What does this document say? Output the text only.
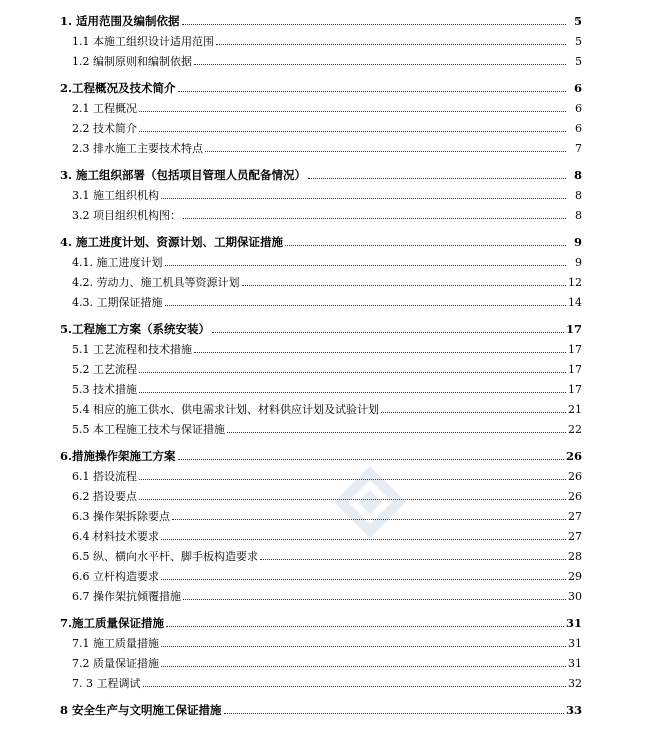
1. 适用范围及编制依据	5
1.1 本施工组织设计适用范围	5
1.2 编制原则和编制依据	5
2.工程概况及技术简介	6
2.1 工程概况	6
2.2 技术简介	6
2.3 排水施工主要技术特点	7
3. 施工组织部署（包括项目管理人员配备情况）	8
3.1 施工组织机构	8
3.2 项目组织机构图：	8
4. 施工进度计划、资源计划、工期保证措施	9
4.1. 施工进度计划	9
4.2. 劳动力、施工机具等资源计划	12
4.3. 工期保证措施	14
5.工程施工方案（系统安装）	17
5.1 工艺流程和技术措施	17
5.2 工艺流程	17
5.3 技术措施	17
5.4 相应的施工供水、供电需求计划、材料供应计划及试验计划	21
5.5 本工程施工技术与保证措施	22
6.措施操作架施工方案	26
6.1 搭设流程	26
6.2 搭设要点	26
6.3 操作架拆除要点	27
6.4 材料技术要求	27
6.5 纵、横向水平杆、脚手板构造要求	28
6.6 立杆构造要求	29
6.7 操作架抗倾覆措施	30
7.施工质量保证措施	31
7.1 施工质量措施	31
7.2 质量保证措施	31
7. 3 工程调试	32
8 安全生产与文明施工保证措施	33
